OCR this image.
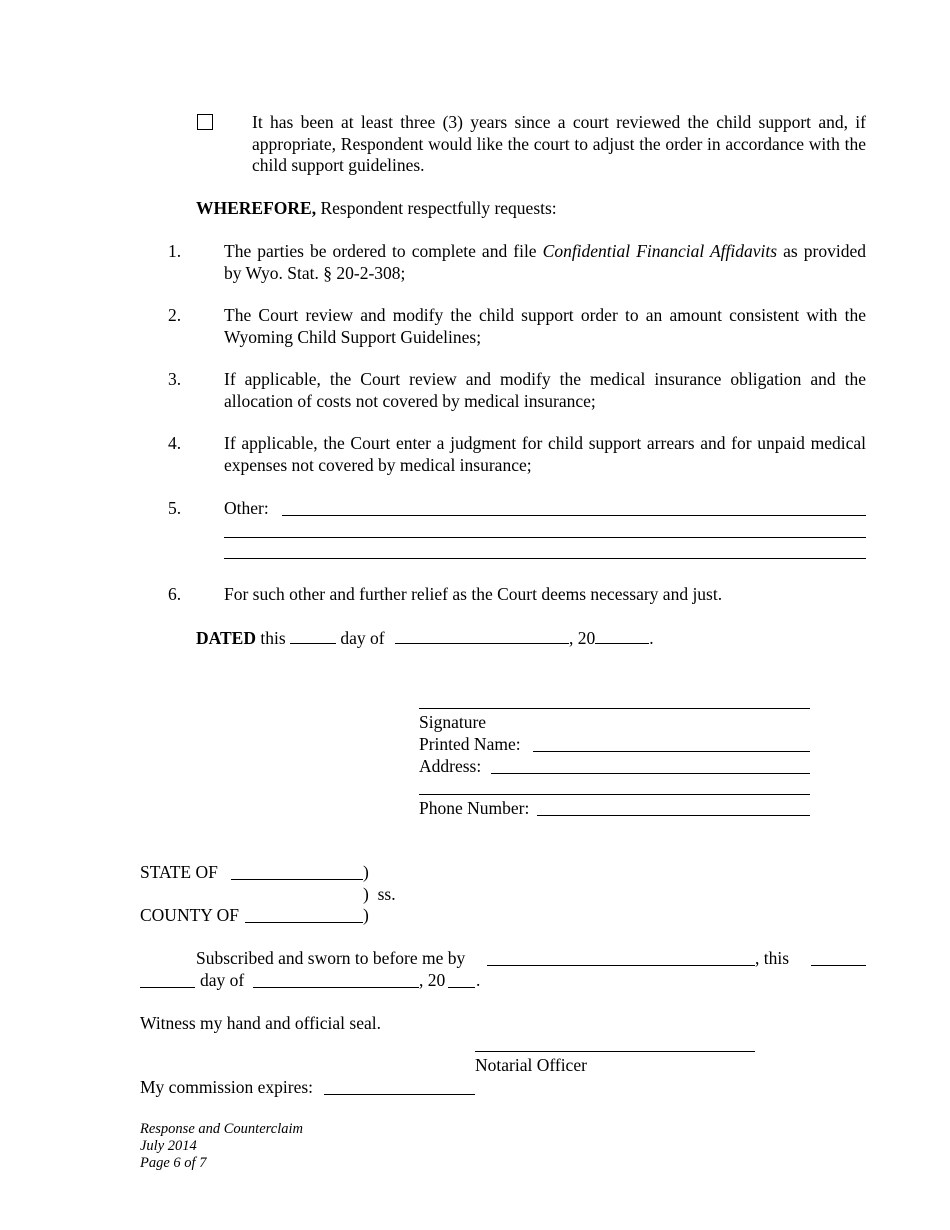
It has been at least three (3) years since a court reviewed the child support and, if appropriate, Respondent would like the court to adjust the order in accordance with the child support guidelines.
WHEREFORE, Respondent respectfully requests:
1. The parties be ordered to complete and file Confidential Financial Affidavits as provided by Wyo. Stat. § 20-2-308;
2. The Court review and modify the child support order to an amount consistent with the Wyoming Child Support Guidelines;
3. If applicable, the Court review and modify the medical insurance obligation and the allocation of costs not covered by medical insurance;
4. If applicable, the Court enter a judgment for child support arrears and for unpaid medical expenses not covered by medical insurance;
5. Other:
6. For such other and further relief as the Court deems necessary and just.
DATED this	day of	, 20	.
Signature
Printed Name:
Address:
Phone Number:
STATE OF	)
)  ss.
COUNTY OF	)
Subscribed and sworn to before me by	, this
day of	, 20 .
Witness my hand and official seal.
Notarial Officer
My commission expires:
Response and Counterclaim
July 2014
Page 6 of 7
